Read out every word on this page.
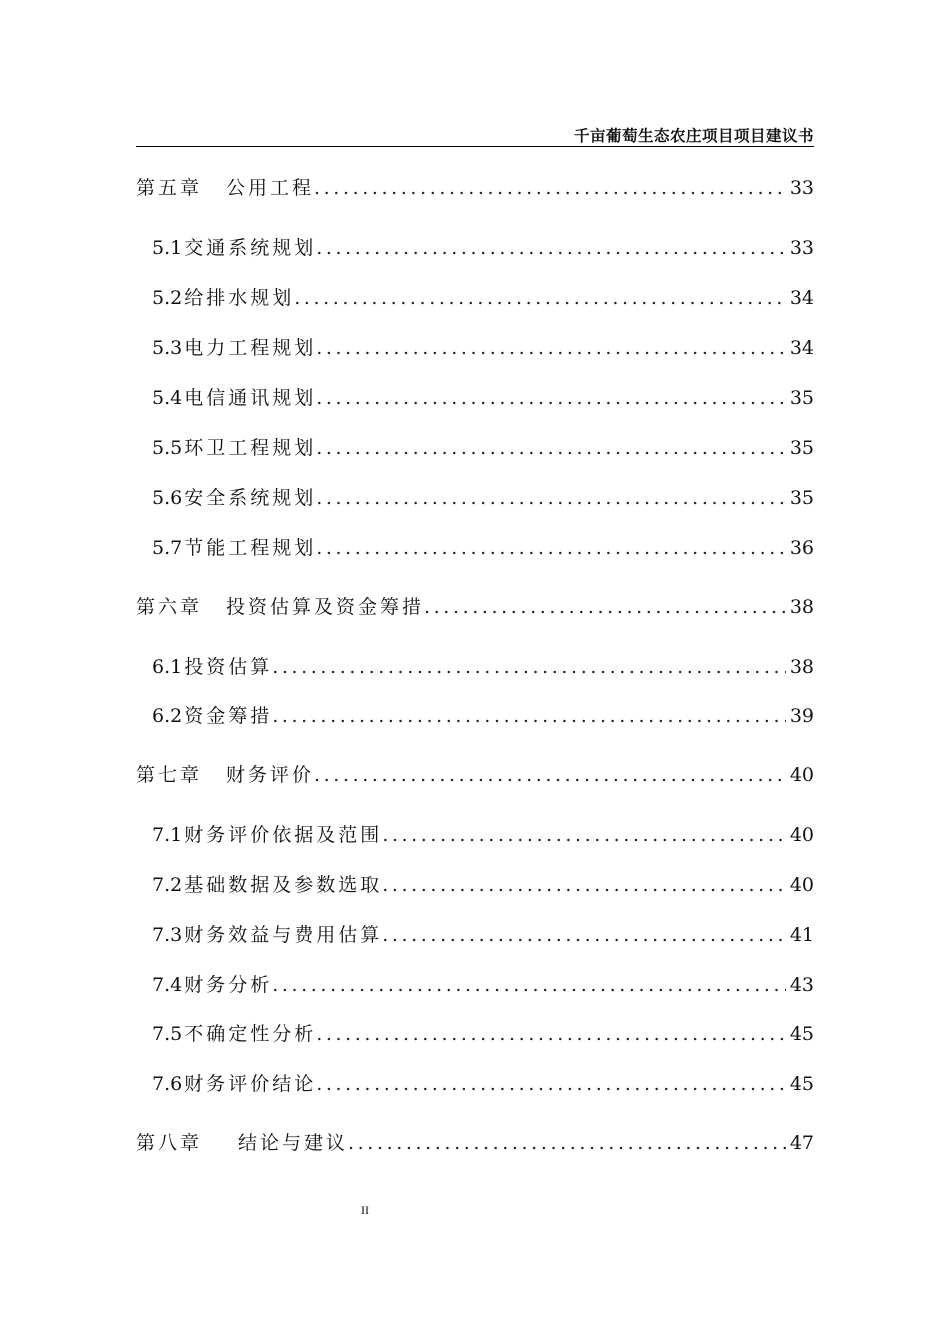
千亩葡萄生态农庄项目项目建议书
第五章 公用工程 .....	33
5.1 交通系统规划 .....	33
5.2 给排水规划 .....	34
5.3 电力工程规划 .....	34
5.4 电信通讯规划 .....	35
5.5 环卫工程规划 .....	35
5.6 安全系统规划 .....	35
5.7 节能工程规划 .....	36
第六章 投资估算及资金筹措 .....	38
6.1 投资估算 .....	38
6.2 资金筹措 .....	39
第七章 财务评价 .....	40
7.1 财务评价依据及范围 .....	40
7.2 基础数据及参数选取 .....	40
7.3 财务效益与费用估算 .....	41
7.4 财务分析 .....	43
7.5 不确定性分析 .....	45
7.6 财务评价结论 .....	45
第八章 结论与建议 .....	47
II
